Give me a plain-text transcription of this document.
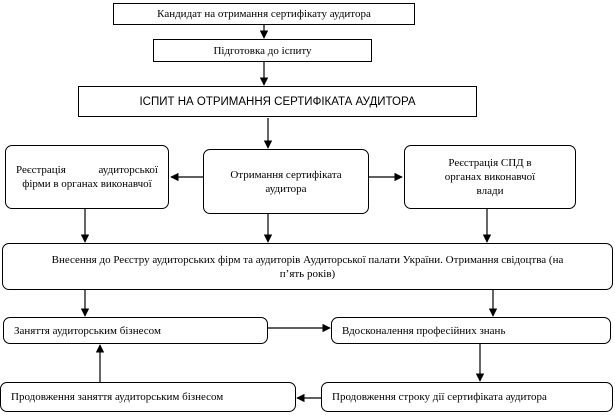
Кандидат на отримання сертифікату аудитора
Підготовка до іспиту
ІСПИТ НА ОТРИМАННЯ СЕРТИФІКАТА АУДИТОРА
Реєстрація аудиторської фірми в органах виконавчої
Отримання сертифіката аудитора
Реєстрація СПД в органах виконавчої влади
Внесення до Реєстру аудиторських фірм та аудиторів Аудиторської палати України. Отримання свідоцтва (на п’ять років)
Заняття аудиторським бізнесом	Вдосконалення професійних знань
Продовження заняття аудиторським бізнесом	Продовження строку дії сертифіката аудитора
